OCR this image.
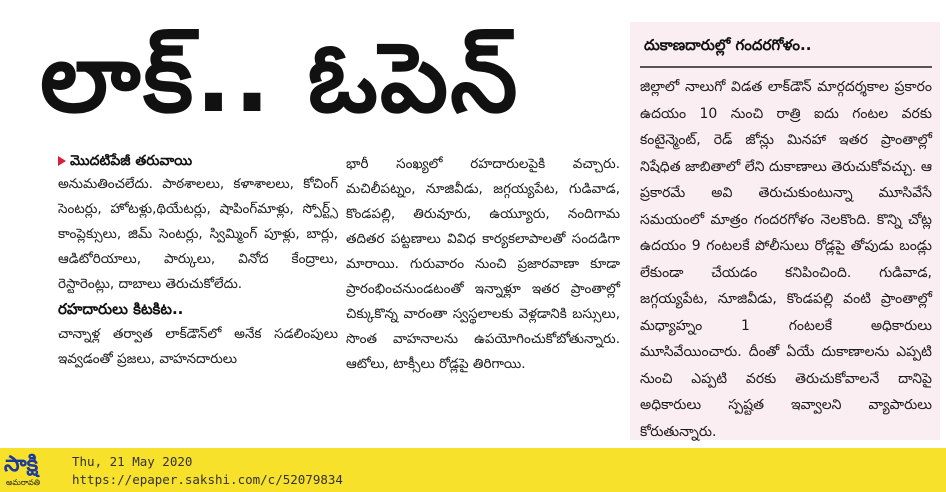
లాక్.. ఓపెన్	దుకాణదారుల్లో గందరగోళం..
జిల్లాలో నాలుగో విడత లాక్‌డౌన్ మార్గదర్శకాల ప్రకారం ఉదయం 10 నుంచి రాత్రి ఐదు గంటల వరకు కంటైన్మెంట్, రెడ్ జోన్లు మినహా ఇతర ప్రాంతాల్లో నిషేధిత జాబితాలో లేని దుకాణాలు తెరుచుకోవచ్చు. ఆ ప్రకారమే అవి తెరుచుకుంటున్నా మూసివేసే సమయంలో మాత్రం గందరగోళం నెలకొంది. కొన్ని చోట్ల ఉదయం 9 గంటలకే పోలీసులు రోడ్లపై తోపుడు బండ్లు లేకుండా చేయడం కనిపించింది. గుడివాడ, జగ్గయ్యపేట, నూజివీడు, కొండపల్లి వంటి ప్రాంతాల్లో మధ్యాహ్నం 1 గంటలకే అధికారులు మూసివేయించారు. దీంతో ఏయే దుకాణాలను ఎప్పటి నుంచి ఎప్పటి వరకు తెరుచుకోవాలనే దానిపై అధికారులు స్పష్టత ఇవ్వాలని వ్యాపారులు కోరుతున్నారు.
మొదటిపేజీ తరువాయి
అనుమతించలేదు. పాఠశాలలు, కళాశాలలు, కోచింగ్ సెంటర్లు, హోటళ్లు,థియేటర్లు, షాపింగ్‌మాళ్లు, స్పోర్ట్స్ కాంప్లెక్సులు, జిమ్ సెంటర్లు, స్విమ్మింగ్ పూళ్లు, బార్లు, ఆడిటోరియాలు, పార్కులు, వినోద కేంద్రాలు, రెస్టారెంట్లు, దాబాలు తెరుచుకోలేదు.
రహదారులు కిటకిట..
చాన్నాళ్ల తర్వాత లాక్‌డౌన్‌లో అనేక సడలింపులు ఇవ్వడంతో ప్రజలు, వాహనదారులు
భారీ సంఖ్యలో రహదారులపైకి వచ్చారు. మచిలీపట్నం, నూజివీడు, జగ్గయ్యపేట, గుడివాడ, కొండపల్లి, తిరువూరు, ఉయ్యూరు, నందిగామ తదితర పట్టణాలు వివిధ కార్యకలాపాలతో సందడిగా మారాయి. గురువారం నుంచి ప్రజారవాణా కూడా ప్రారంభించనుండటంతో ఇన్నాళ్లూ ఇతర ప్రాంతాల్లో చిక్కుకొన్న వారంతా స్వస్థలాలకు వెళ్లడానికి బస్సులు, సొంత వాహనాలను ఉపయోగించుకోబోతున్నారు. ఆటోలు, టాక్సీలు రోడ్లపై తిరిగాయి.
సాక్షి
అమరావతి
Thu, 21 May 2020
https://epaper.sakshi.com/c/52079834
